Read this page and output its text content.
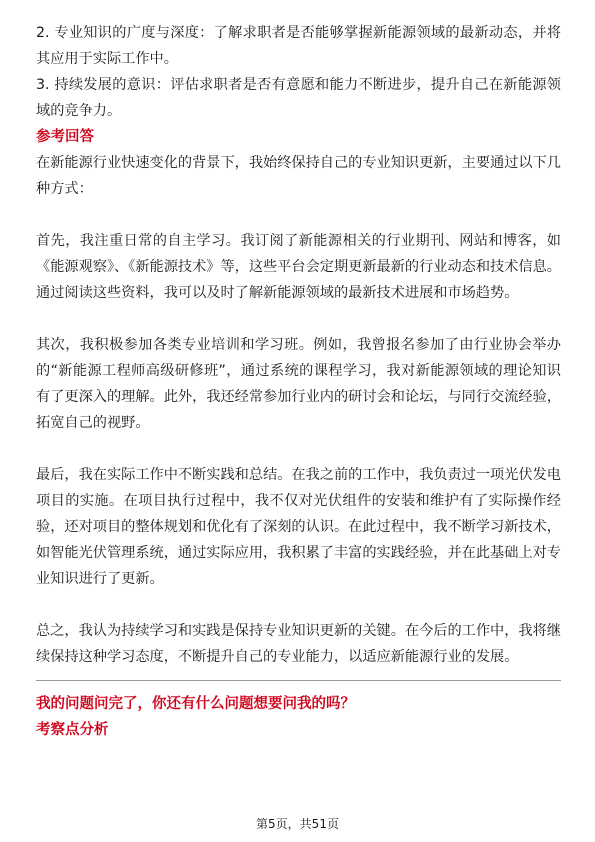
2. 专业知识的广度与深度：了解求职者是否能够掌握新能源领域的最新动态，并将其应用于实际工作中。

3. 持续发展的意识：评估求职者是否有意愿和能力不断进步，提升自己在新能源领域的竞争力。

参考回答

在新能源行业快速变化的背景下，我始终保持自己的专业知识更新，主要通过以下几种方式：

首先，我注重日常的自主学习。我订阅了新能源相关的行业期刊、网站和博客，如《能源观察》、《新能源技术》等，这些平台会定期更新最新的行业动态和技术信息。通过阅读这些资料，我可以及时了解新能源领域的最新技术进展和市场趋势。

其次，我积极参加各类专业培训和学习班。例如，我曾报名参加了由行业协会举办的“新能源工程师高级研修班”，通过系统的课程学习，我对新能源领域的理论知识有了更深入的理解。此外，我还经常参加行业内的研讨会和论坛，与同行交流经验，拓宽自己的视野。

最后，我在实际工作中不断实践和总结。在我之前的工作中，我负责过一项光伏发电项目的实施。在项目执行过程中，我不仅对光伏组件的安装和维护有了实际操作经验，还对项目的整体规划和优化有了深刻的认识。在此过程中，我不断学习新技术，如智能光伏管理系统，通过实际应用，我积累了丰富的实践经验，并在此基础上对专业知识进行了更新。

总之，我认为持续学习和实践是保持专业知识更新的关键。在今后的工作中，我将继续保持这种学习态度，不断提升自己的专业能力，以适应新能源行业的发展。

我的问题问完了，你还有什么问题想要问我的吗？

考察点分析

第5页，共51页
